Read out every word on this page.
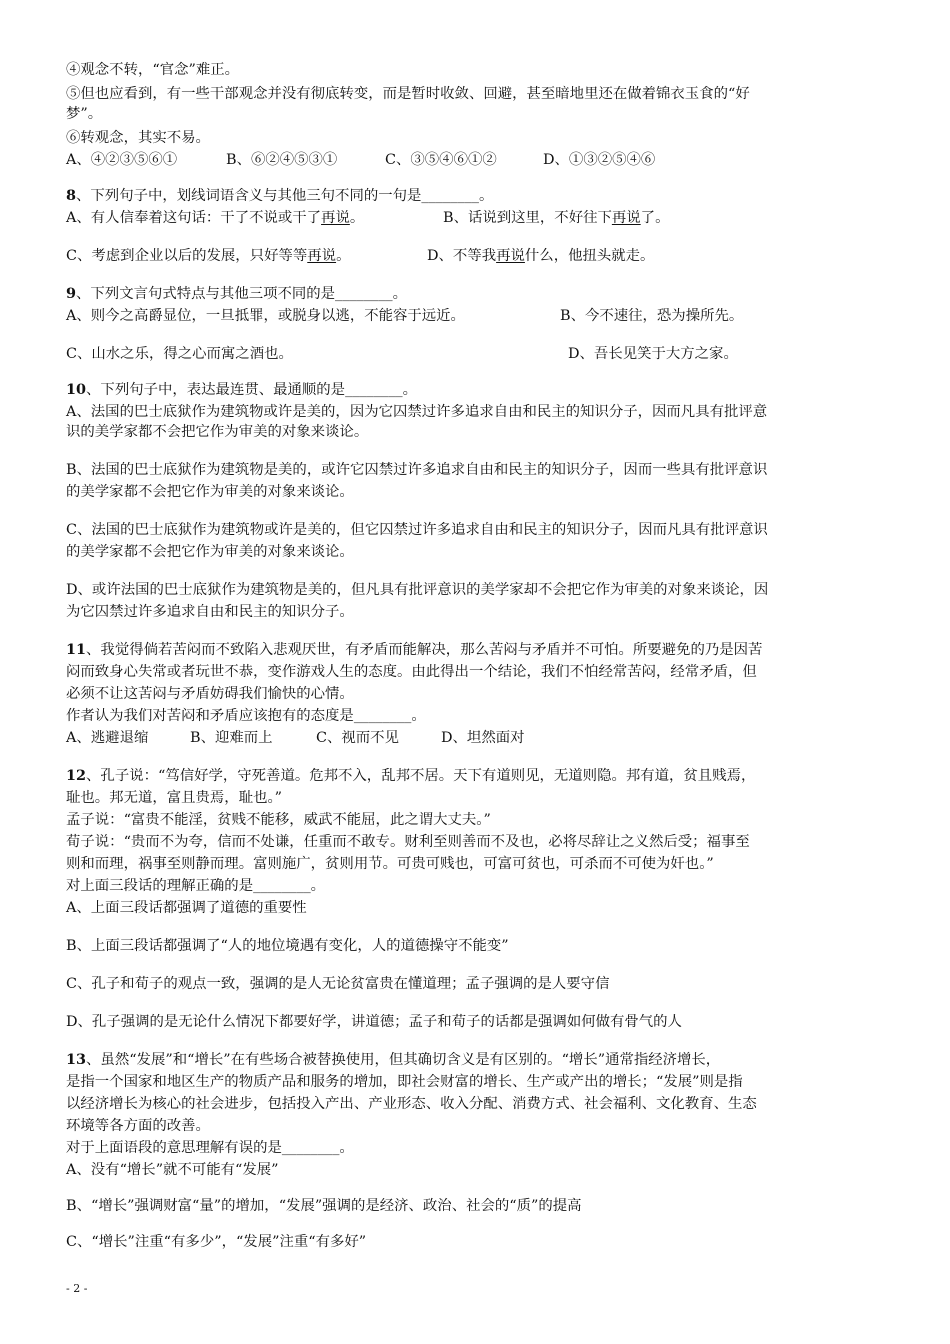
④观念不转，“官念”难正。
⑤但也应看到，有一些干部观念并没有彻底转变，而是暂时收敛、回避，甚至暗地里还在做着锦衣玉食的“好
梦”。
⑥转观念，其实不易。
A、④②③⑤⑥①	B、⑥②④⑤③①	C、③⑤④⑥①②	D、①③②⑤④⑥
8、下列句子中，划线词语含义与其他三句不同的一句是________。
A、有人信奉着这句话：干了不说或干了再说。	B、话说到这里，不好往下再说了。
C、考虑到企业以后的发展，只好等等再说。	D、不等我再说什么，他扭头就走。
9、下列文言句式特点与其他三项不同的是________。
A、则今之高爵显位，一旦抵罪，或脱身以逃，不能容于远近。	B、今不速往，恐为操所先。
C、山水之乐，得之心而寓之酒也。	D、吾长见笑于大方之家。
10、下列句子中，表达最连贯、最通顺的是________。
A、法国的巴士底狱作为建筑物或许是美的，因为它囚禁过许多追求自由和民主的知识分子，因而凡具有批评意
识的美学家都不会把它作为审美的对象来谈论。
B、法国的巴士底狱作为建筑物是美的，或许它囚禁过许多追求自由和民主的知识分子，因而一些具有批评意识
的美学家都不会把它作为审美的对象来谈论。
C、法国的巴士底狱作为建筑物或许是美的，但它囚禁过许多追求自由和民主的知识分子，因而凡具有批评意识
的美学家都不会把它作为审美的对象来谈论。
D、或许法国的巴士底狱作为建筑物是美的，但凡具有批评意识的美学家却不会把它作为审美的对象来谈论，因
为它囚禁过许多追求自由和民主的知识分子。
11、我觉得倘若苦闷而不致陷入悲观厌世，有矛盾而能解决，那么苦闷与矛盾并不可怕。所要避免的乃是因苦
闷而致身心失常或者玩世不恭，变作游戏人生的态度。由此得出一个结论，我们不怕经常苦闷，经常矛盾，但
必须不让这苦闷与矛盾妨碍我们愉快的心情。
作者认为我们对苦闷和矛盾应该抱有的态度是________。
A、逃避退缩	B、迎难而上	C、视而不见	D、坦然面对
12、孔子说：“笃信好学，守死善道。危邦不入，乱邦不居。天下有道则见，无道则隐。邦有道，贫且贱焉，
耻也。邦无道，富且贵焉，耻也。”
孟子说：“富贵不能淫，贫贱不能移，威武不能屈，此之谓大丈夫。”
荀子说：“贵而不为夸，信而不处谦，任重而不敢专。财利至则善而不及也，必将尽辞让之义然后受；福事至
则和而理，祸事至则静而理。富则施广，贫则用节。可贵可贱也，可富可贫也，可杀而不可使为奸也。”
对上面三段话的理解正确的是________。
A、上面三段话都强调了道德的重要性
B、上面三段话都强调了“人的地位境遇有变化，人的道德操守不能变”
C、孔子和荀子的观点一致，强调的是人无论贫富贵在懂道理；孟子强调的是人要守信
D、孔子强调的是无论什么情况下都要好学，讲道德；孟子和荀子的话都是强调如何做有骨气的人
13、虽然“发展”和“增长”在有些场合被替换使用，但其确切含义是有区别的。“增长”通常指经济增长，
是指一个国家和地区生产的物质产品和服务的增加，即社会财富的增长、生产或产出的增长；“发展”则是指
以经济增长为核心的社会进步，包括投入产出、产业形态、收入分配、消费方式、社会福利、文化教育、生态
环境等各方面的改善。
对于上面语段的意思理解有误的是________。
A、没有“增长”就不可能有“发展”
B、“增长”强调财富“量”的增加，“发展”强调的是经济、政治、社会的“质”的提高
C、“增长”注重“有多少”，“发展”注重“有多好”
- 2 -
